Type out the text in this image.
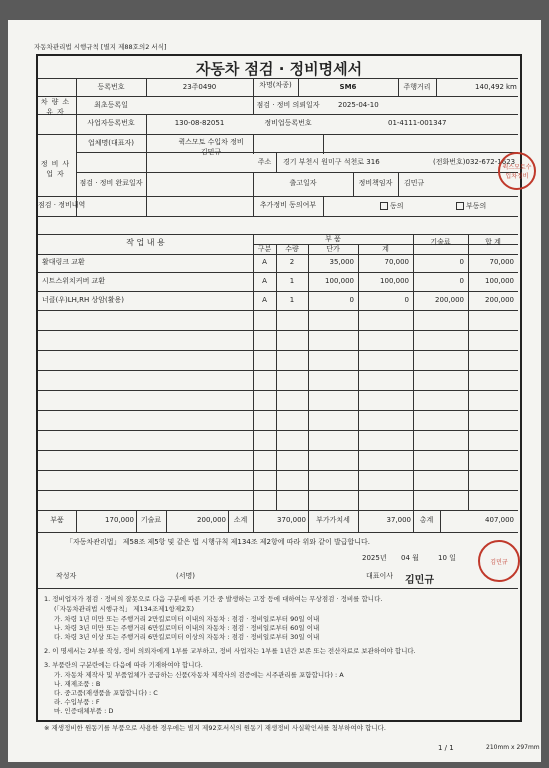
자동차관리법 시행규칙 [별지 제88호의2 서식]
자동차 점검 · 정비명세서
차량소유자
등록번호	23주0490	차명(차종)	SM6	주행거리	140,492 km
최초등록일	점검 · 정비 의뢰일자	2025-04-10
정비사업자
사업자등록번호	130-08-82051	정비업등록번호	01-4111-001347
업체명(대표자)	퀵스모토 수입차 정비
김민규
주소	경기 부천시 원미구 석천로 316	(전화번호)032-672-1623
점검 · 정비 완료일자	출고일자	정비책임자	김민규
퀵스모토수입차정비
점검 · 정비내역	추가정비 동의여부	동의	부동의
작 업 내 용	부 품
구분	수량	단가	계
기술료	합 계
활대링크 교환	A	2	35,000	70,000	0	70,000
시트스위치커버 교환	A	1	100,000	100,000	0	100,000
너클(우)LH,RH 상암(활용)	A	1	0	0	200,000	200,000
부품	170,000 기술료	200,000	소계	370,000	부가가치세	37,000	총계	407,000
「자동차관리법」 제58조 제5항 및 같은 법 시행규칙 제134조 제2항에 따라 위와 같이 발급합니다.
2025년 04 월	10 일
작성자	(서명)	대표이사 김민규
김민규
1. 정비업자가 점검 · 정비의 잘못으로 다음 구분에 따른 기간 중 발생하는 고장 등에 대하여는 무상점검 · 정비를 합니다.
(「자동차관리법 시행규칙」 제134조제1항제2호)
가. 차령 1년 미만 또는 주행거리 2만킬로미터 이내의 자동차 : 점검 · 정비일로부터 90일 이내
나. 차령 3년 미만 또는 주행거리 6만킬로미터 이내의 자동차 : 점검 · 정비일로부터 60일 이내
다. 차령 3년 이상 또는 주행거리 6만킬로미터 이상의 자동차 : 점검 · 정비일로부터 30일 이내
2. 이 명세서는 2부를 작성, 정비 의뢰자에게 1부를 교부하고, 정비 사업자는 1부를 1년간 보존 또는 전산자료로 보관하여야 합니다.
3. 부품란의 구분란에는 다음에 따라 기재하여야 합니다.
가. 자동차 제작사 및 부품업체가 공급하는 신품(자동차 제작사의 검증에는 시주관리를 포함합니다) : A
나. 재제조품 : B
다. 중고품(재생품을 포함합니다) : C
라. 수입부품 : F
마. 인증대체부품 : D
※ 재생정비한 원동기를 부품으로 사용한 경우에는 별지 제92호서식의 원동기 재생정비 사실확인서를 첨부하여야 합니다.
1 / 1	210mm x 297mm
